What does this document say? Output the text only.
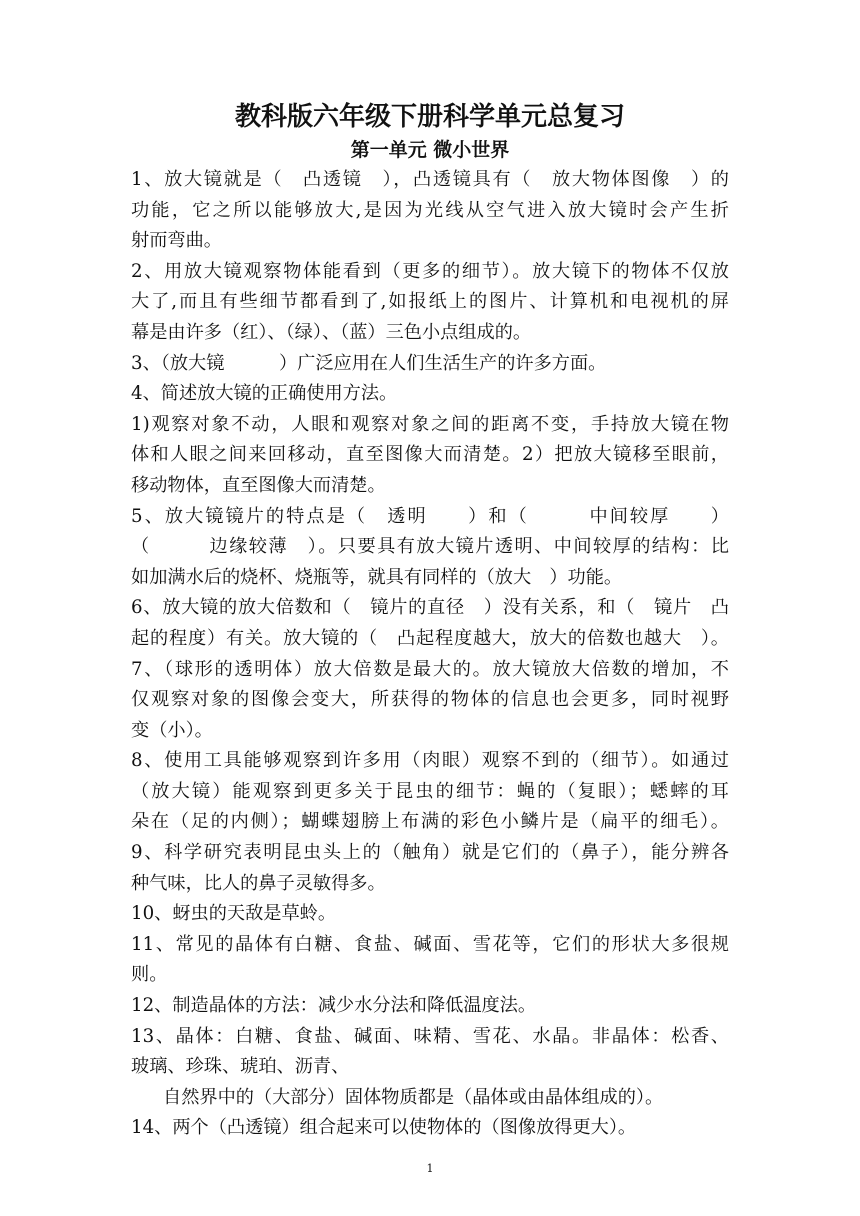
教科版六年级下册科学单元总复习
第一单元 微小世界
1、放大镜就是（　凸透镜　），凸透镜具有（　放大物体图像　）的
功能，它之所以能够放大,是因为光线从空气进入放大镜时会产生折
射而弯曲。
2、用放大镜观察物体能看到（更多的细节）。放大镜下的物体不仅放
大了,而且有些细节都看到了,如报纸上的图片、计算机和电视机的屏
幕是由许多（红）、（绿）、（蓝）三色小点组成的。
3、（放大镜　　　）广泛应用在人们生活生产的许多方面。
4、简述放大镜的正确使用方法。
1)观察对象不动，人眼和观察对象之间的距离不变，手持放大镜在物
体和人眼之间来回移动，直至图像大而清楚。2）把放大镜移至眼前，
移动物体，直至图像大而清楚。
5、放大镜镜片的特点是（　透明　　）和（　　　中间较厚　　）
（　　　边缘较薄　）。只要具有放大镜片透明、中间较厚的结构：比
如加满水后的烧杯、烧瓶等，就具有同样的（放大　）功能。
6、放大镜的放大倍数和（　镜片的直径　）没有关系，和（　镜片　凸
起的程度）有关。放大镜的（　凸起程度越大，放大的倍数也越大　）。
7、（球形的透明体）放大倍数是最大的。放大镜放大倍数的增加，不
仅观察对象的图像会变大，所获得的物体的信息也会更多，同时视野
变（小）。
8、使用工具能够观察到许多用（肉眼）观察不到的（细节）。如通过
（放大镜）能观察到更多关于昆虫的细节：蝇的（复眼）；蟋蟀的耳
朵在（足的内侧）；蝴蝶翅膀上布满的彩色小鳞片是（扁平的细毛）。
9、科学研究表明昆虫头上的（触角）就是它们的（鼻子），能分辨各
种气味，比人的鼻子灵敏得多。
10、蚜虫的天敌是草蛉。
11、常见的晶体有白糖、食盐、碱面、雪花等，它们的形状大多很规
则。
12、制造晶体的方法：减少水分法和降低温度法。
13、晶体：白糖、食盐、碱面、味精、雪花、水晶。非晶体：松香、
玻璃、珍珠、琥珀、沥青、
自然界中的（大部分）固体物质都是（晶体或由晶体组成的）。
14、两个（凸透镜）组合起来可以使物体的（图像放得更大）。
1
